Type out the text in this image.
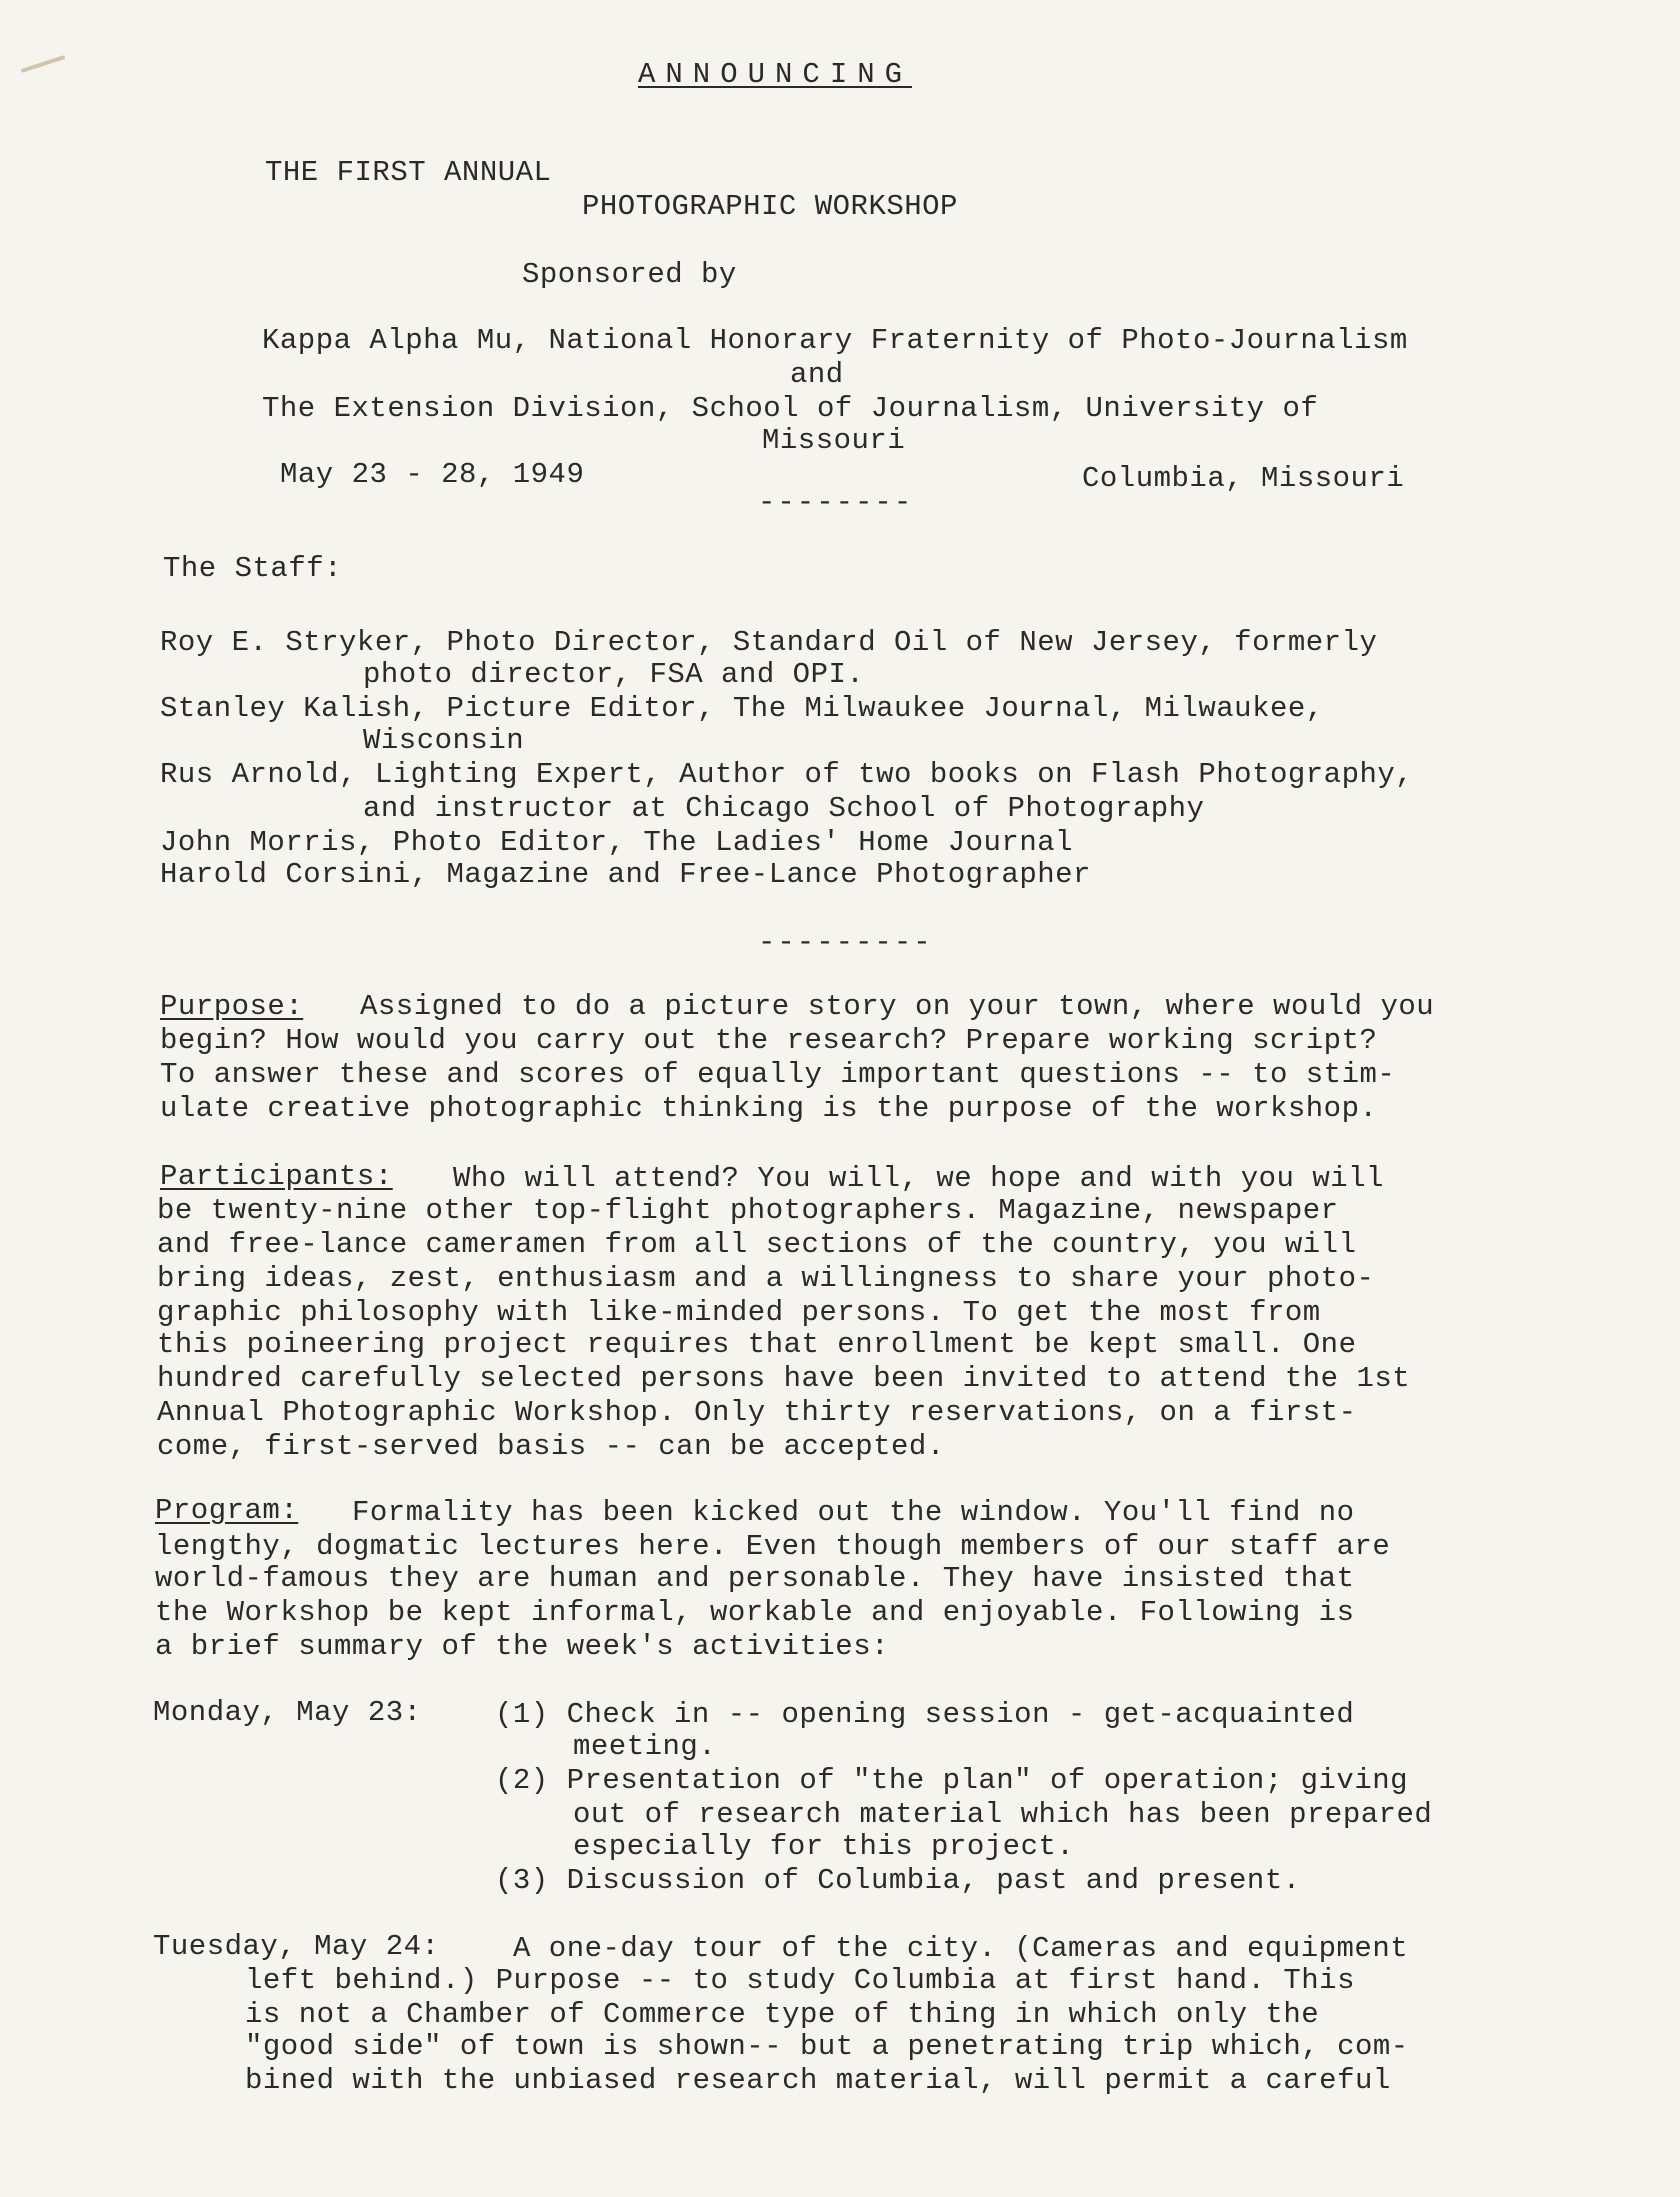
ANNOUNCING
THE FIRST ANNUAL
PHOTOGRAPHIC WORKSHOP
Sponsored by
Kappa Alpha Mu, National Honorary Fraternity of Photo-Journalism
and
The Extension Division, School of Journalism, University of
Missouri
May 23 - 28, 1949	Columbia, Missouri
--------
The Staff:
Roy E. Stryker, Photo Director, Standard Oil of New Jersey, formerly
photo director, FSA and OPI.
Stanley Kalish, Picture Editor, The Milwaukee Journal, Milwaukee,
Wisconsin
Rus Arnold, Lighting Expert, Author of two books on Flash Photography,
and instructor at Chicago School of Photography
John Morris, Photo Editor, The Ladies' Home Journal
Harold Corsini, Magazine and Free-Lance Photographer
---------
Purpose: Assigned to do a picture story on your town, where would you
begin? How would you carry out the research? Prepare working script?
To answer these and scores of equally important questions -- to stim-
ulate creative photographic thinking is the purpose of the workshop.
Participants: Who will attend? You will, we hope and with you will
be twenty-nine other top-flight photographers. Magazine, newspaper
and free-lance cameramen from all sections of the country, you will
bring ideas, zest, enthusiasm and a willingness to share your photo-
graphic philosophy with like-minded persons. To get the most from
this poineering project requires that enrollment be kept small. One
hundred carefully selected persons have been invited to attend the 1st
Annual Photographic Workshop. Only thirty reservations, on a first-
come, first-served basis -- can be accepted.
Program: Formality has been kicked out the window. You'll find no
lengthy, dogmatic lectures here. Even though members of our staff are
world-famous they are human and personable. They have insisted that
the Workshop be kept informal, workable and enjoyable. Following is
a brief summary of the week's activities:
Monday, May 23:	(1) Check in -- opening session - get-acquainted
meeting.
(2) Presentation of "the plan" of operation; giving
out of research material which has been prepared
especially for this project.
(3) Discussion of Columbia, past and present.
Tuesday, May 24:	A one-day tour of the city. (Cameras and equipment
left behind.) Purpose -- to study Columbia at first hand. This
is not a Chamber of Commerce type of thing in which only the
"good side" of town is shown-- but a penetrating trip which, com-
bined with the unbiased research material, will permit a careful
